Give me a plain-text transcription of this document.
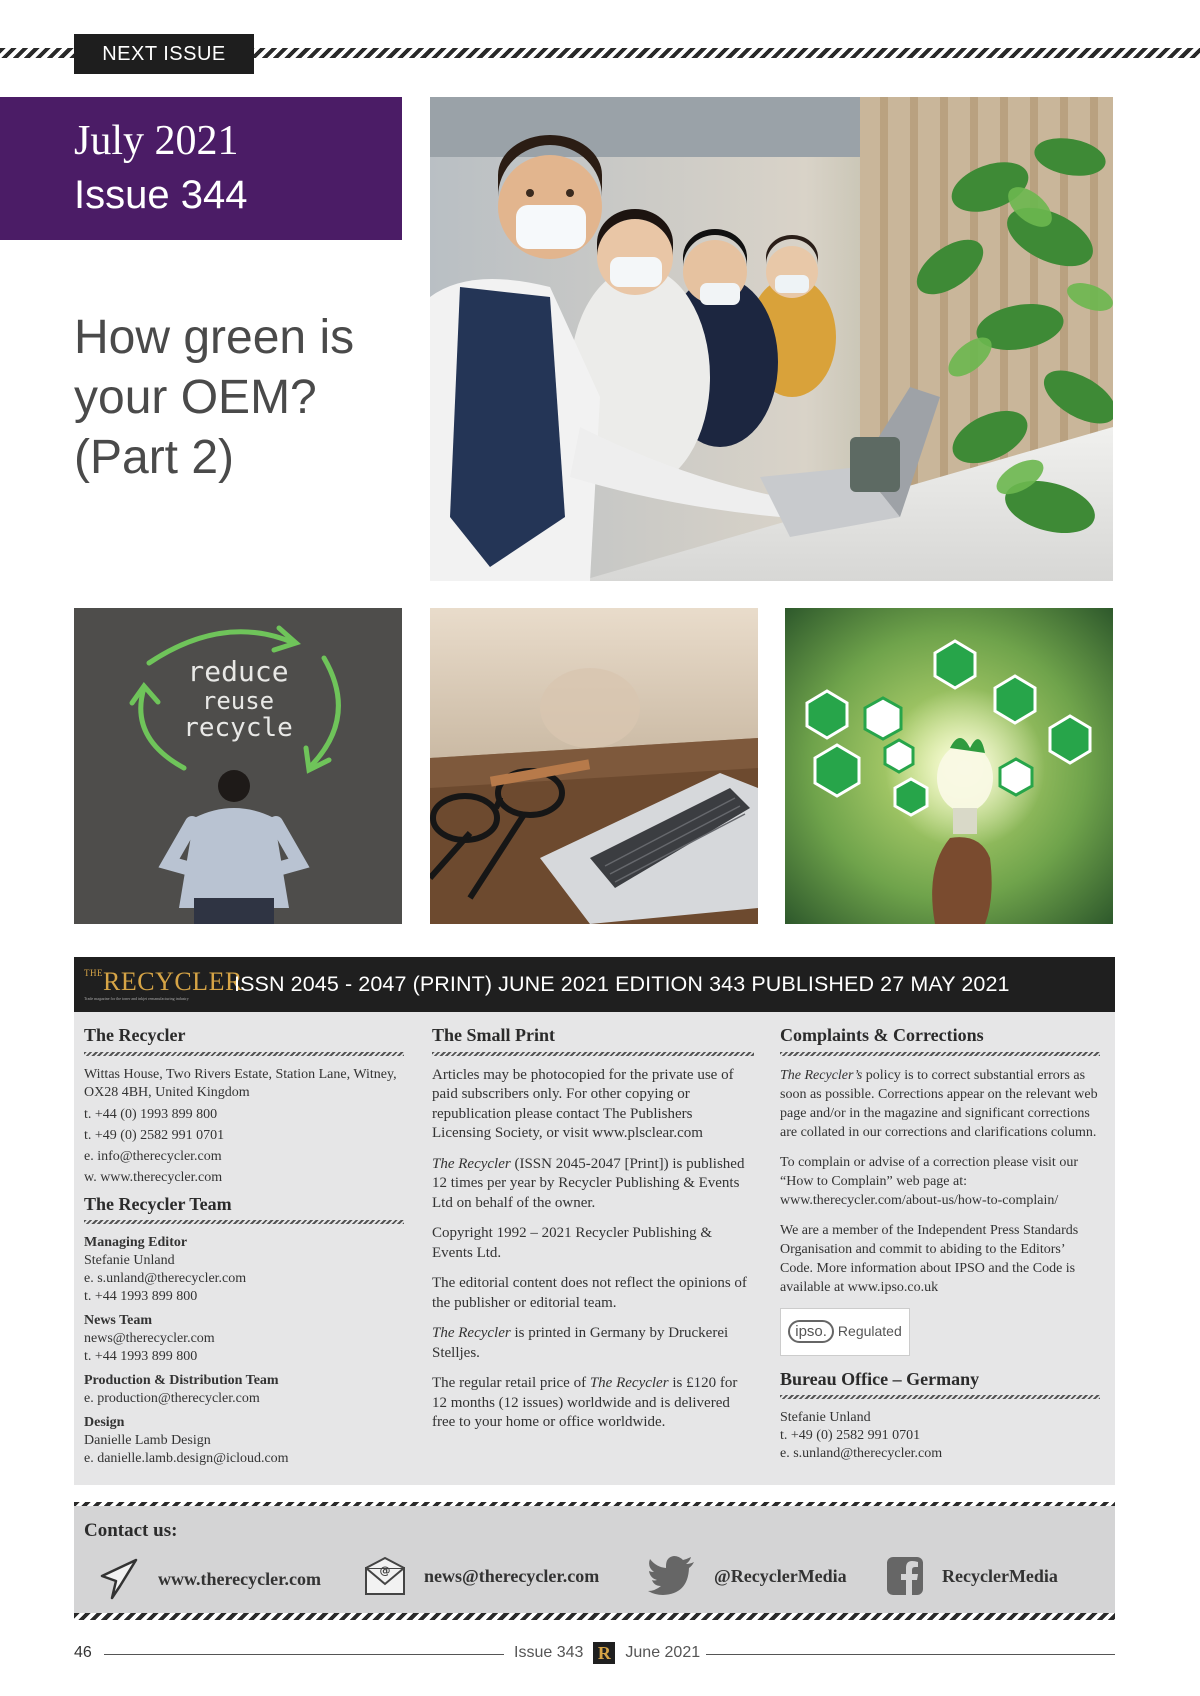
NEXT ISSUE
July 2021
Issue 344
How green is your OEM? (Part 2)
reduce
reuse
recycle
$^{THE}$RECYCLER
Trade magazine for the toner and inkjet remanufacturing industry
ISSN 2045 - 2047 (PRINT) JUNE 2021 EDITION 343 PUBLISHED 27 MAY 2021
The Recycler

Wittas House, Two Rivers Estate, Station Lane, Witney, OX28 4BH, United Kingdom

t. +44 (0) 1993 899 800
t. +49 (0) 2582 991 0701
e. info@therecycler.com
w. www.therecycler.com
The Recycler Team
Managing Editor
Stefanie Unland
e. s.unland@therecycler.com
t. +44 1993 899 800
News Team
news@therecycler.com
t. +44 1993 899 800
Production & Distribution Team
e. production@therecycler.com
Design
Danielle Lamb Design
e. danielle.lamb.design@icloud.com
The Small Print

Articles may be photocopied for the private use of paid subscribers only. For other copying or republication please contact The Publishers Licensing Society, or visit www.plsclear.com

The Recycler (ISSN 2045-2047 [Print]) is published 12 times per year by Recycler Publishing & Events Ltd on behalf of the owner.

Copyright 1992 – 2021 Recycler Publishing & Events Ltd.

The editorial content does not reflect the opinions of the publisher or editorial team.

The Recycler is printed in Germany by Druckerei Stelljes.

The regular retail price of The Recycler is £120 for 12 months (12 issues) worldwide and is delivered free to your home or office worldwide.

Complaints & Corrections

The Recycler’s policy is to correct substantial errors as soon as possible. Corrections appear on the relevant web page and/or in the magazine and significant corrections are collated in our corrections and clarifications column.

To complain or advise of a correction please visit our “How to Complain” web page at: www.therecycler.com/about-us/how-to-complain/

We are a member of the Independent Press Standards Organisation and commit to abiding to the Editors’ Code. More information about IPSO and the Code is available at www.ipso.co.uk

ipso. Regulated
Bureau Office – Germany
Stefanie Unland
t. +49 (0) 2582 991 0701
e. s.unland@therecycler.com
Contact us:
www.therecycler.com	@ news@therecycler.com	@RecyclerMedia	RecyclerMedia
46	Issue 343 R June 2021
